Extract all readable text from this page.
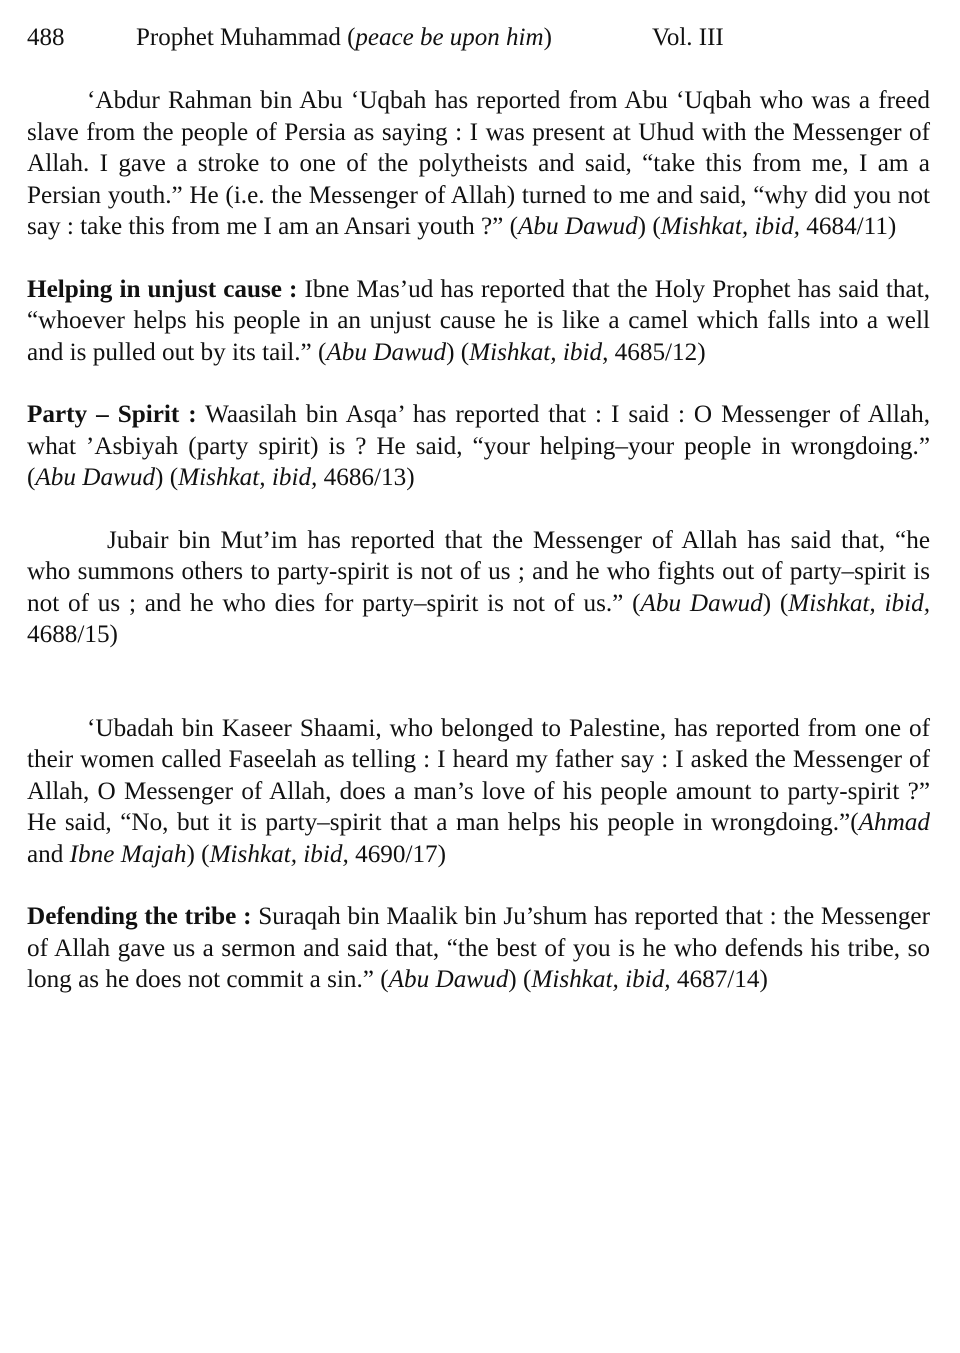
488	Prophet Muhammad (peace be upon him)	Vol. III

‘Abdur Rahman bin Abu ‘Uqbah has reported from Abu ‘Uqbah who was a freed slave from the people of Persia as saying : I was present at Uhud with the Messenger of Allah. I gave a stroke to one of the polytheists and said, “take this from me, I am a Persian youth.” He (i.e. the Messenger of Allah) turned to me and said, “why did you not say : take this from me I am an Ansari youth ?” (Abu Dawud) (Mishkat, ibid, 4684/11)

Helping in unjust cause : Ibne Mas’ud has reported that the Holy Prophet has said that, “whoever helps his people in an unjust cause he is like a camel which falls into a well and is pulled out by its tail.” (Abu Dawud) (Mishkat, ibid, 4685/12)

Party – Spirit : Waasilah bin Asqa’ has reported that : I said : O Messenger of Allah, what ’Asbiyah (party spirit) is ? He said, “your helping–your people in wrongdoing.” (Abu Dawud) (Mishkat, ibid, 4686/13)

Jubair bin Mut’im has reported that the Messenger of Allah has said that, “he who summons others to party-spirit is not of us ; and he who fights out of party–spirit is not of us ; and he who dies for party–spirit is not of us.” (Abu Dawud) (Mishkat, ibid, 4688/15)

‘Ubadah bin Kaseer Shaami, who belonged to Palestine, has reported from one of their women called Faseelah as telling : I heard my father say : I asked the Messenger of Allah, O Messenger of Allah, does a man’s love of his people amount to party-spirit ?” He said, “No, but it is party–spirit that a man helps his people in wrongdoing.”(Ahmad and Ibne Majah) (Mishkat, ibid, 4690/17)

Defending the tribe : Suraqah bin Maalik bin Ju’shum has reported that : the Messenger of Allah gave us a sermon and said that, “the best of you is he who defends his tribe, so long as he does not commit a sin.” (Abu Dawud) (Mishkat, ibid, 4687/14)
